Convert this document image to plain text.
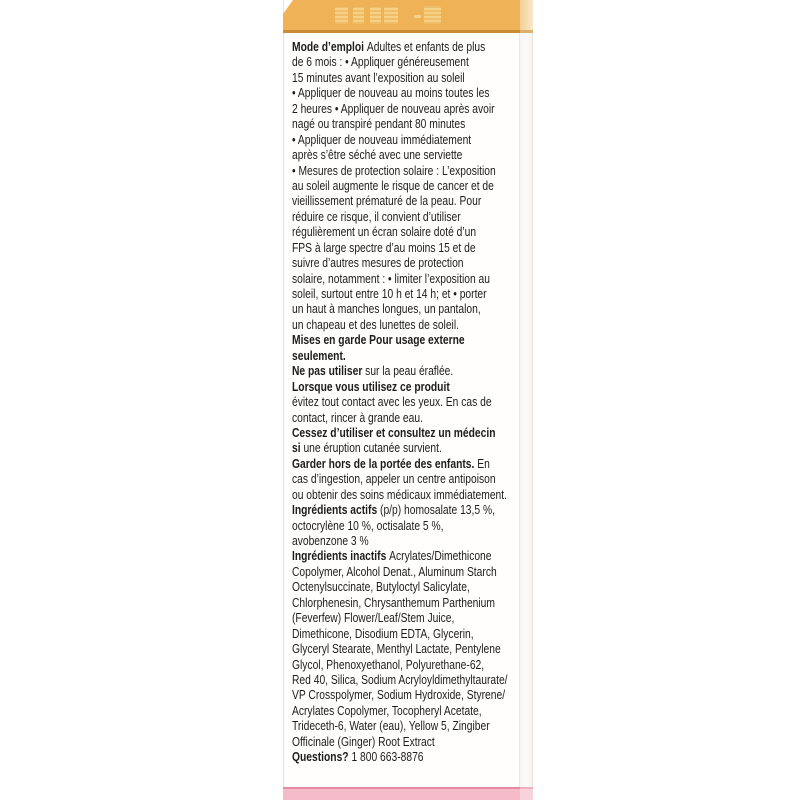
Mode d’emploi Adultes et enfants de plus
de 6 mois : • Appliquer généreusement
15 minutes avant l’exposition au soleil
• Appliquer de nouveau au moins toutes les
2 heures • Appliquer de nouveau après avoir
nagé ou transpiré pendant 80 minutes
• Appliquer de nouveau immédiatement
après s’être séché avec une serviette
• Mesures de protection solaire : L’exposition
au soleil augmente le risque de cancer et de
vieillissement prématuré de la peau. Pour
réduire ce risque, il convient d’utiliser
régulièrement un écran solaire doté d’un
FPS à large spectre d’au moins 15 et de
suivre d’autres mesures de protection
solaire, notamment : • limiter l’exposition au
soleil, surtout entre 10 h et 14 h; et • porter
un haut à manches longues, un pantalon,
un chapeau et des lunettes de soleil.
Mises en garde Pour usage externe
seulement.
Ne pas utiliser sur la peau éraflée.
Lorsque vous utilisez ce produit
évitez tout contact avec les yeux. En cas de
contact, rincer à grande eau.
Cessez d’utiliser et consultez un médecin
si une éruption cutanée survient.
Garder hors de la portée des enfants. En
cas d’ingestion, appeler un centre antipoison
ou obtenir des soins médicaux immédiatement.
Ingrédients actifs (p/p) homosalate 13,5 %,
octocrylène 10 %, octisalate 5 %,
avobenzone 3 %
Ingrédients inactifs Acrylates/Dimethicone
Copolymer, Alcohol Denat., Aluminum Starch
Octenylsuccinate, Butyloctyl Salicylate,
Chlorphenesin, Chrysanthemum Parthenium
(Feverfew) Flower/Leaf/Stem Juice,
Dimethicone, Disodium EDTA, Glycerin,
Glyceryl Stearate, Menthyl Lactate, Pentylene
Glycol, Phenoxyethanol, Polyurethane-62,
Red 40, Silica, Sodium Acryloyldimethyltaurate/
VP Crosspolymer, Sodium Hydroxide, Styrene/
Acrylates Copolymer, Tocopheryl Acetate,
Trideceth-6, Water (eau), Yellow 5, Zingiber
Officinale (Ginger) Root Extract
Questions? 1 800 663-8876
